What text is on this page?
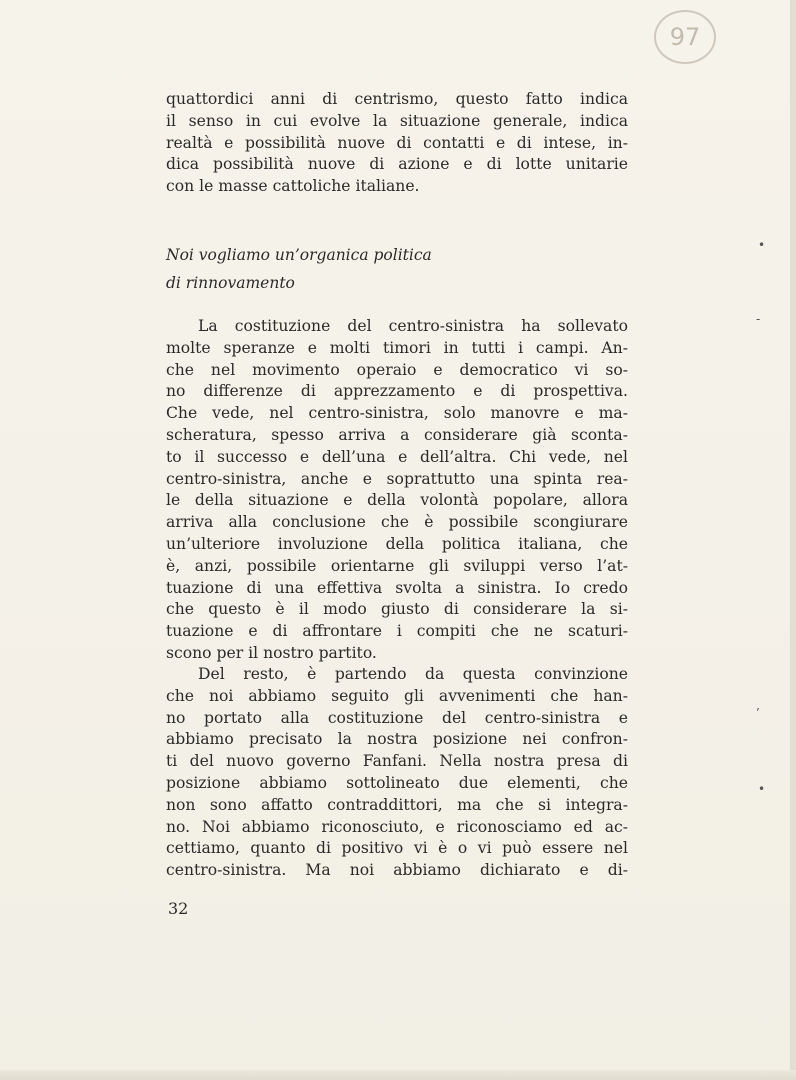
97
quattordici anni di centrismo, questo fatto indica
il senso in cui evolve la situazione generale, indica
realtà e possibilità nuove di contatti e di intese, in-
dica possibilità nuove di azione e di lotte unitarie
con le masse cattoliche italiane.
Noi vogliamo un’organica politica
di rinnovamento
La costituzione del centro-sinistra ha sollevato
molte speranze e molti timori in tutti i campi. An-
che nel movimento operaio e democratico vi so-
no differenze di apprezzamento e di prospettiva.
Che vede, nel centro-sinistra, solo manovre e ma-
scheratura, spesso arriva a considerare già sconta-
to il successo e dell’una e dell’altra. Chi vede, nel
centro-sinistra, anche e soprattutto una spinta rea-
le della situazione e della volontà popolare, allora
arriva alla conclusione che è possibile scongiurare
un’ulteriore involuzione della politica italiana, che
è, anzi, possibile orientarne gli sviluppi verso l’at-
tuazione di una effettiva svolta a sinistra. Io credo
che questo è il modo giusto di considerare la si-
tuazione e di affrontare i compiti che ne scaturi-
scono per il nostro partito.
Del resto, è partendo da questa convinzione
che noi abbiamo seguito gli avvenimenti che han-
no portato alla costituzione del centro-sinistra e
abbiamo precisato la nostra posizione nei confron-
ti del nuovo governo Fanfani. Nella nostra presa di
posizione abbiamo sottolineato due elementi, che
non sono affatto contraddittori, ma che si integra-
no. Noi abbiamo riconosciuto, e riconosciamo ed ac-
cettiamo, quanto di positivo vi è o vi può essere nel
centro-sinistra. Ma noi abbiamo dichiarato e di-
32
•
-
’
•
